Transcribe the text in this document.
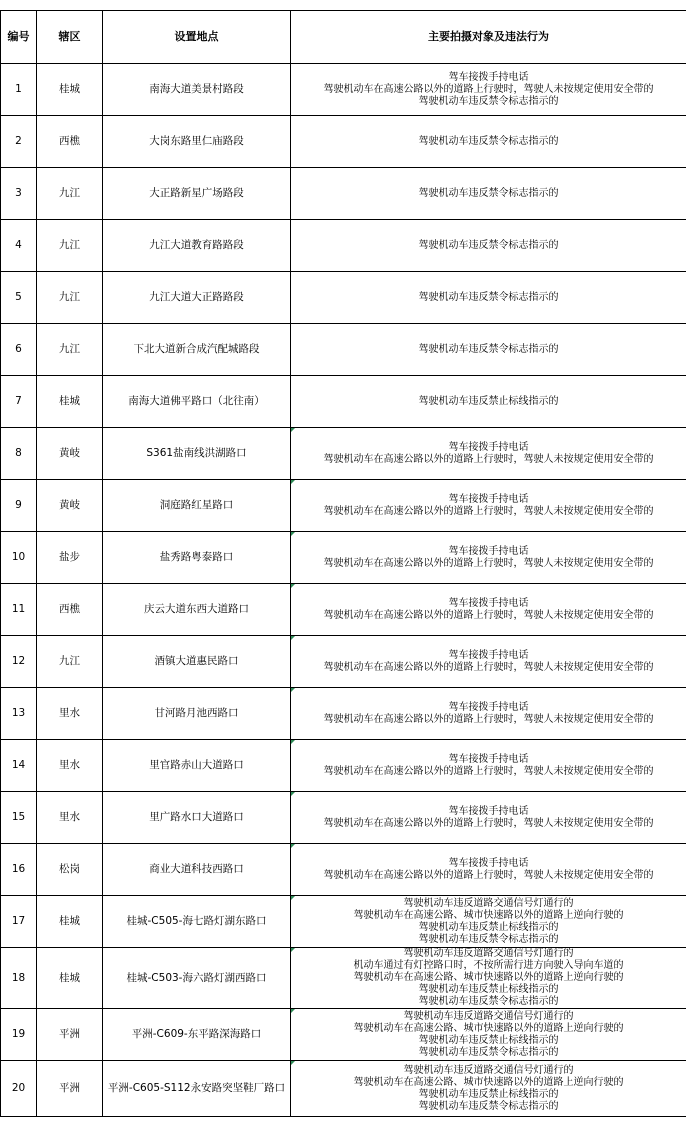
编号	辖区	设置地点	主要拍摄对象及违法行为
1	桂城	南海大道美景村路段	驾车接拨手持电话
驾驶机动车在高速公路以外的道路上行驶时，驾驶人未按规定使用安全带的
驾驶机动车违反禁令标志指示的

2	西樵	大岗东路里仁庙路段	驾驶机动车违反禁令标志指示的

3	九江	大正路新星广场路段	驾驶机动车违反禁令标志指示的

4	九江	九江大道教育路路段	驾驶机动车违反禁令标志指示的

5	九江	九江大道大正路路段	驾驶机动车违反禁令标志指示的

6	九江	下北大道新合成汽配城路段	驾驶机动车违反禁令标志指示的

7	桂城	南海大道佛平路口（北往南）	驾驶机动车违反禁止标线指示的

8	黄岐	S361盐南线洪湖路口	驾车接拨手持电话
驾驶机动车在高速公路以外的道路上行驶时，驾驶人未按规定使用安全带的

9	黄岐	洞庭路红星路口	驾车接拨手持电话
驾驶机动车在高速公路以外的道路上行驶时，驾驶人未按规定使用安全带的

10	盐步	盐秀路粤泰路口	驾车接拨手持电话
驾驶机动车在高速公路以外的道路上行驶时，驾驶人未按规定使用安全带的

11	西樵	庆云大道东西大道路口	驾车接拨手持电话
驾驶机动车在高速公路以外的道路上行驶时，驾驶人未按规定使用安全带的

12	九江	酒镇大道惠民路口	驾车接拨手持电话
驾驶机动车在高速公路以外的道路上行驶时，驾驶人未按规定使用安全带的

13	里水	甘河路月池西路口	驾车接拨手持电话
驾驶机动车在高速公路以外的道路上行驶时，驾驶人未按规定使用安全带的

14	里水	里官路赤山大道路口	驾车接拨手持电话
驾驶机动车在高速公路以外的道路上行驶时，驾驶人未按规定使用安全带的

15	里水	里广路水口大道路口	驾车接拨手持电话
驾驶机动车在高速公路以外的道路上行驶时，驾驶人未按规定使用安全带的

16	松岗	商业大道科技西路口	驾车接拨手持电话
驾驶机动车在高速公路以外的道路上行驶时，驾驶人未按规定使用安全带的

17	桂城	桂城-C505-海七路灯湖东路口	驾驶机动车违反道路交通信号灯通行的
驾驶机动车在高速公路、城市快速路以外的道路上逆向行驶的
驾驶机动车违反禁止标线指示的
驾驶机动车违反禁令标志指示的

18	桂城	桂城-C503-海六路灯湖西路口	驾驶机动车违反道路交通信号灯通行的
机动车通过有灯控路口时，不按所需行进方向驶入导向车道的
驾驶机动车在高速公路、城市快速路以外的道路上逆向行驶的
驾驶机动车违反禁止标线指示的
驾驶机动车违反禁令标志指示的

19	平洲	平洲-C609-东平路深海路口	驾驶机动车违反道路交通信号灯通行的
驾驶机动车在高速公路、城市快速路以外的道路上逆向行驶的
驾驶机动车违反禁止标线指示的
驾驶机动车违反禁令标志指示的

20	平洲	平洲-C605-S112永安路突坚鞋厂路口	驾驶机动车违反道路交通信号灯通行的
驾驶机动车在高速公路、城市快速路以外的道路上逆向行驶的
驾驶机动车违反禁止标线指示的
驾驶机动车违反禁令标志指示的
